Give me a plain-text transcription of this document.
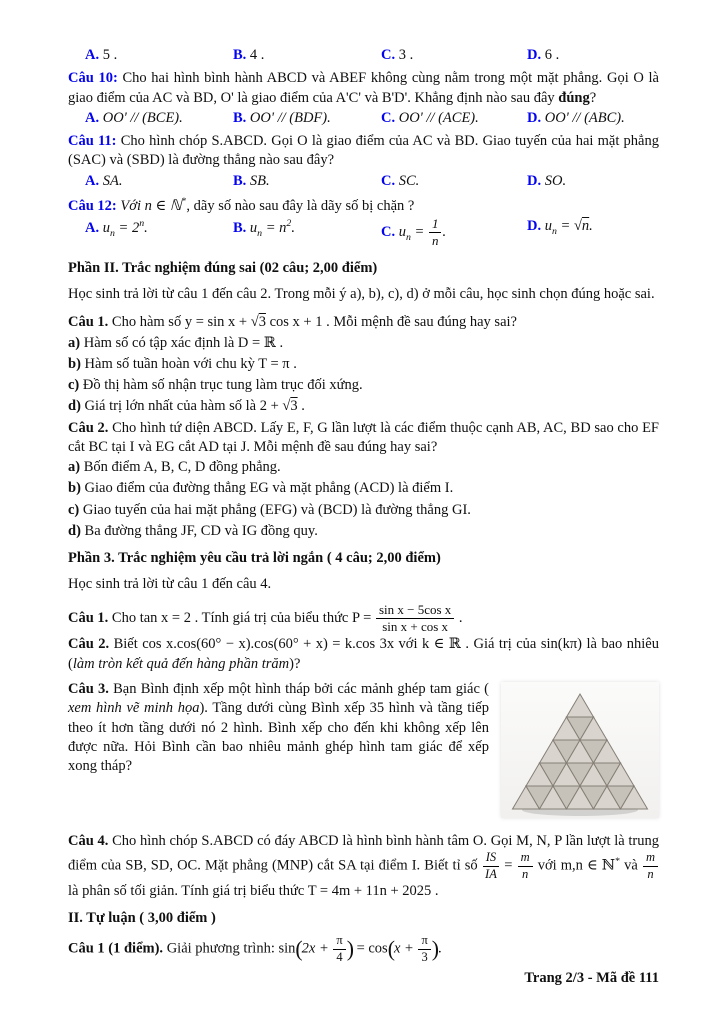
A. 5 .	B. 4 .	C. 3 .	D. 6 .

Câu 10: Cho hai hình bình hành ABCD và ABEF không cùng nằm trong một mặt phẳng. Gọi O là giao điểm của AC và BD, O' là giao điểm của A'C' và B'D'. Khẳng định nào sau đây đúng?

A. OO' // (BCE).	B. OO' // (BDF).	C. OO' // (ACE).	D. OO' // (ABC).

Câu 11: Cho hình chóp S.ABCD. Gọi O là giao điểm của AC và BD. Giao tuyến của hai mặt phẳng (SAC) và (SBD) là đường thẳng nào sau đây?

A. SA.	B. SB.	C. SC.	D. SO.

Câu 12: Với n ∈ ℕ*, dãy số nào sau đây là dãy số bị chặn ?

A. $u_n = 2^n$.	B. $u_n = n^2$.	C. $u_n = \frac{1}{n}$ .	D. $u_n = √n$.

Phần II. Trắc nghiệm đúng sai (02 câu; 2,00 điểm)

Học sinh trả lời từ câu 1 đến câu 2. Trong mỗi ý a), b), c), d) ở mỗi câu, học sinh chọn đúng hoặc sai.

Câu 1. Cho hàm số y = sin x + √3 cos x + 1 . Mỗi mệnh đề sau đúng hay sai?

a) Hàm số có tập xác định là D = ℝ .

b) Hàm số tuần hoàn với chu kỳ T = π .

c) Đồ thị hàm số nhận trục tung làm trục đối xứng.

d) Giá trị lớn nhất của hàm số là 2 + √3 .

Câu 2. Cho hình tứ diện ABCD. Lấy E, F, G lần lượt là các điểm thuộc cạnh AB, AC, BD sao cho EF cắt BC tại I và EG cắt AD tại J. Mỗi mệnh đề sau đúng hay sai?

a) Bốn điểm A, B, C, D đồng phẳng.

b) Giao điểm của đường thẳng EG và mặt phẳng (ACD) là điểm I.

c) Giao tuyến của hai mặt phẳng (EFG) và (BCD) là đường thẳng GI.

d) Ba đường thẳng JF, CD và IG đồng quy.

Phần 3. Trắc nghiệm yêu cầu trả lời ngắn ( 4 câu; 2,00 điểm)

Học sinh trả lời từ câu 1 đến câu 4.

Câu 1. Cho tan x = 2 . Tính giá trị của biểu thức $P = \frac{\text{sin x − 5cos x}}{\text{sin x + cos x}}$ .

Câu 2. Biết cos x.cos(60° − x).cos(60° + x) = k.cos 3x với k ∈ ℝ . Giá trị của sin(kπ) là bao nhiêu (làm tròn kết quả đến hàng phần trăm)?

Câu 3. Bạn Bình định xếp một hình tháp bởi các mảnh ghép tam giác ( xem hình vẽ minh họa). Tầng dưới cùng Bình xếp 35 hình và tầng tiếp theo ít hơn tầng dưới nó 2 hình. Bình xếp cho đến khi không xếp lên được nữa. Hỏi Bình cần bao nhiêu mảnh ghép hình tam giác để xếp xong tháp?

Câu 4. Cho hình chóp S.ABCD có đáy ABCD là hình bình hành tâm O. Gọi M, N, P lần lượt là trung điểm của SB, SD, OC. Mặt phẳng (MNP) cắt SA tại điểm I. Biết tỉ số $\frac{IS}{IA} = \frac{m}{n}$ với m,n ∈ ℕ* và $\frac{m}{n}$
là phân số tối giản. Tính giá trị biểu thức T = 4m + 11n + 2025 .

II. Tự luận ( 3,00 điểm )

Câu 1 (1 điểm). Giải phương trình: $\sin(2x + \frac{\pi}{4}$ ) = $\cos(x + \frac{\pi}{3}$ ).

Trang 2/3 - Mã đề 111
